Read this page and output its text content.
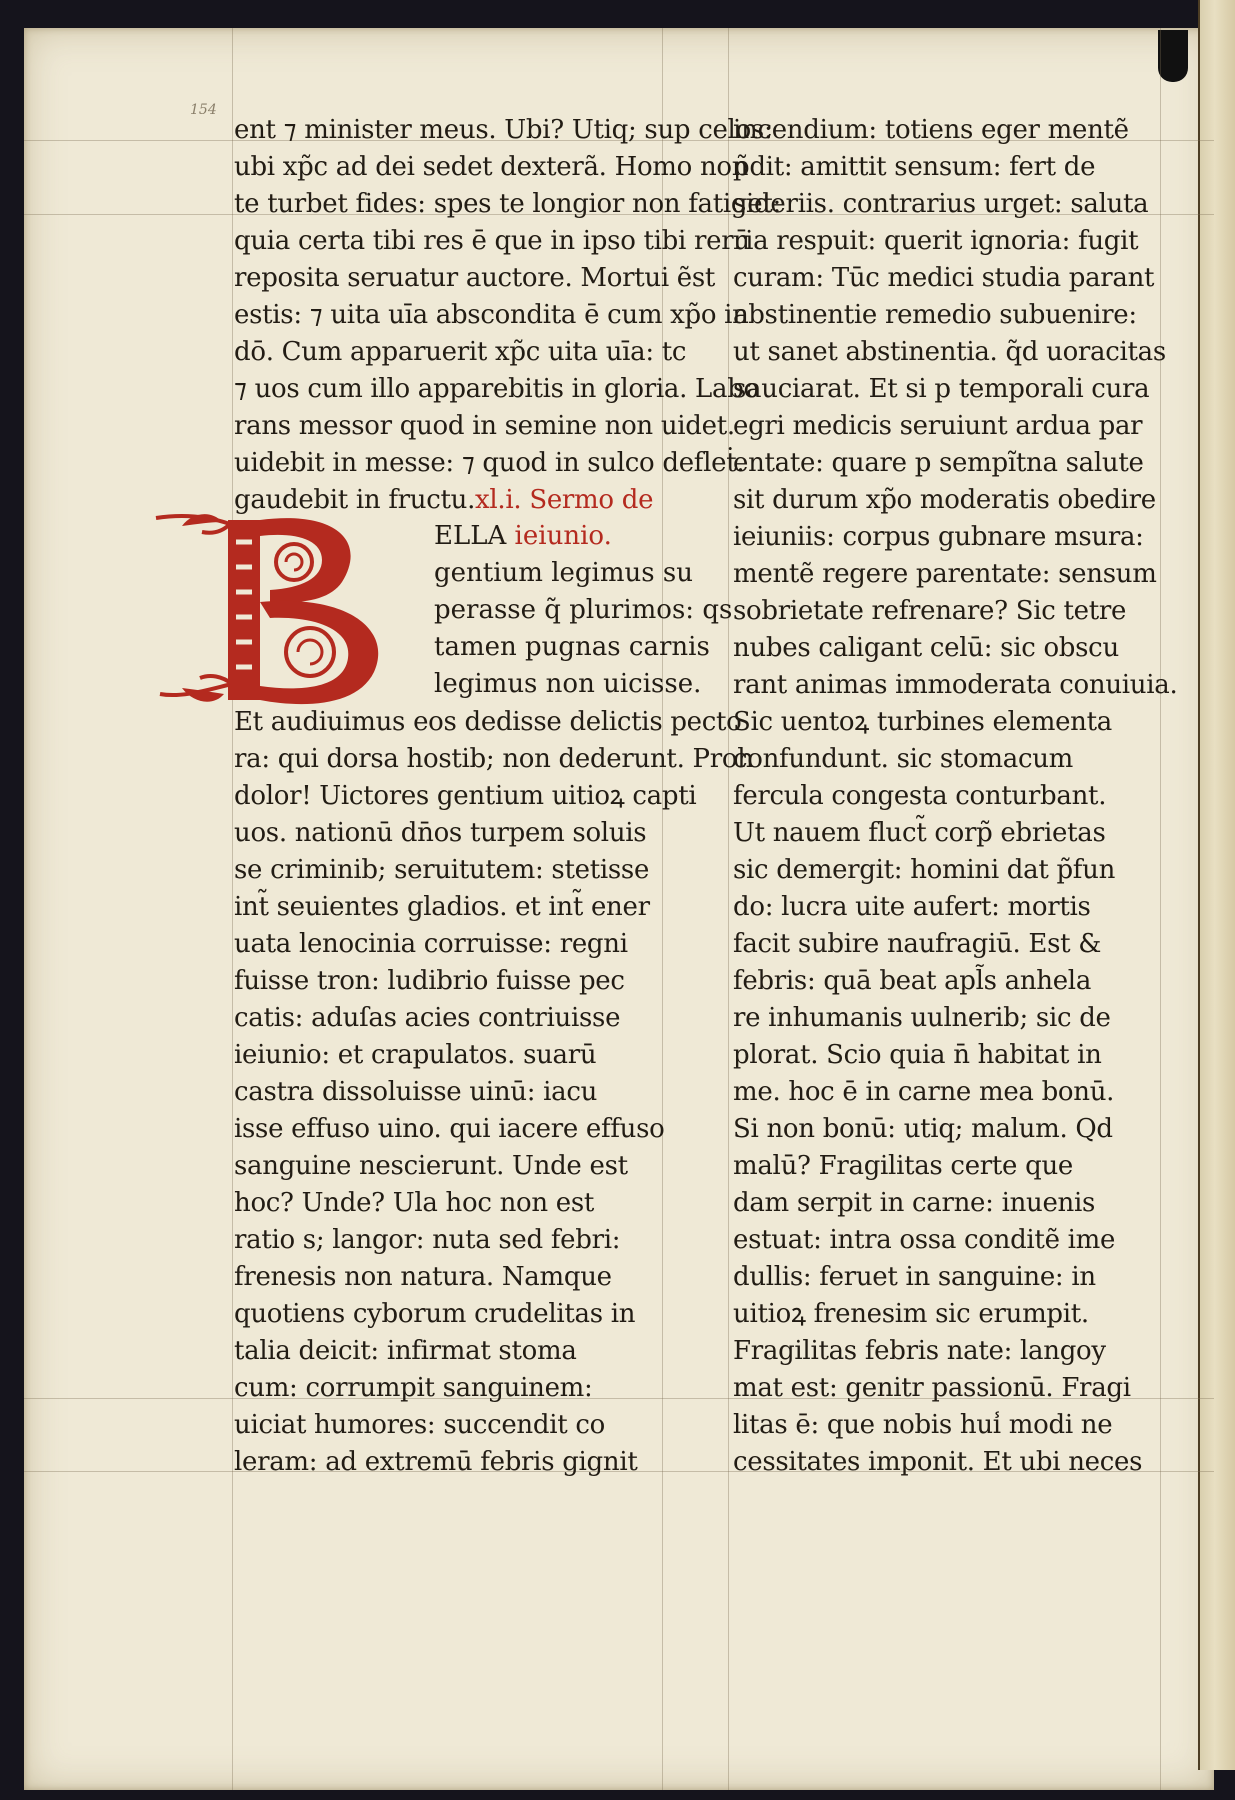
154

ent ⁊ minister meus. Ubi? Utiq; sup celos:

ubi xp̃c ad dei sedet dexterã. Homo non

te turbet fides: spes te longior non fatiget:

quia certa tibi res ē que in ipso tibi rerū

reposita seruatur auctore. Mortui ẽst

estis: ⁊ uita uīa abscondita ē cum xp̃o in

dō. Cum apparuerit xp̃c uita uīa: tc

⁊ uos cum illo apparebitis in gloria. Labo

rans messor quod in semine non uidet.

uidebit in messe: ⁊ quod in sulco defleṫ.

gaudebit in fructu.xl.i. Sermo de

Et audiuimus eos dedisse delictis pecto

ra: qui dorsa hostib; non dederunt. Proh

dolor! Uictores gentium uitioꝝ capti

uos. nationū dn̄os turpem soluis

se criminib; seruitutem: stetisse

int̃ seuientes gladios. et int̃ ener

uata lenocinia corruisse: regni

fuisse tron: ludibrio fuisse pec

catis: aduſas acies contriuisse

ieiunio: et crapulatos. suarū

castra dissoluisse uinū: iacu

isse effuso uino. qui iacere effuso

sanguine nescierunt. Unde est

hoc? Unde? Ula hoc non est

ratio s; langor: nuta sed febri:

frenesis non natura. Namque

quotiens cyborum crudelitas in

talia deicit: infirmat stoma

cum: corrumpit sanguinem:

uiciat humores: succendit co

leram: ad extremū febris gignit

ELLA ieiunio.

gentium legimus su

perasse q̃ plurimos: qs

tamen pugnas carnis

legimus non uicisse.

incendium: totiens eger mentẽ

p̃dit: amittit sensum: fert de

sideriis. contrarius urget: saluta

ria respuit: querit ignoria: fugit

curam: Tūc medici studia parant

abstinentie remedio subuenire:

ut sanet abstinentia. q̃d uoracitas

sauciarat. Et si p temporali cura

egri medicis seruiunt ardua par

entate: quare p sempĩtna salute

sit durum xp̃o moderatis obedire

ieiuniis: corpus gubnare msura:

mentẽ regere parentate: sensum

sobrietate refrenare? Sic tetre

nubes caligant celū: sic obscu

rant animas immoderata conuiuia.

Sic uentoꝝ turbines elementa

confundunt. sic stomacum

fercula congesta conturbant.

Ut nauem fluct̃ corp̃ ebrietas

sic demergit: homini dat p̃fun

do: lucra uite aufert: mortis

facit subire naufragiū. Est &

febris: quā beat apl̃s anhela

re inhumanis uulnerib; sic de

plorat. Scio quia n̄ habitat in

me. hoc ē in carne mea bonū.

Si non bonū: utiq; malum. Qd

malū? Fragilitas certe que

dam serpit in carne: inuenis

estuat: intra ossa conditẽ ime

dullis: feruet in sanguine: in

uitioꝝ frenesim sic erumpit.

Fragilitas febris nate: langoy

mat est: genitr passionū. Fragi

litas ē: que nobis hui̾ modi ne

cessitates imponit. Et ubi neces
